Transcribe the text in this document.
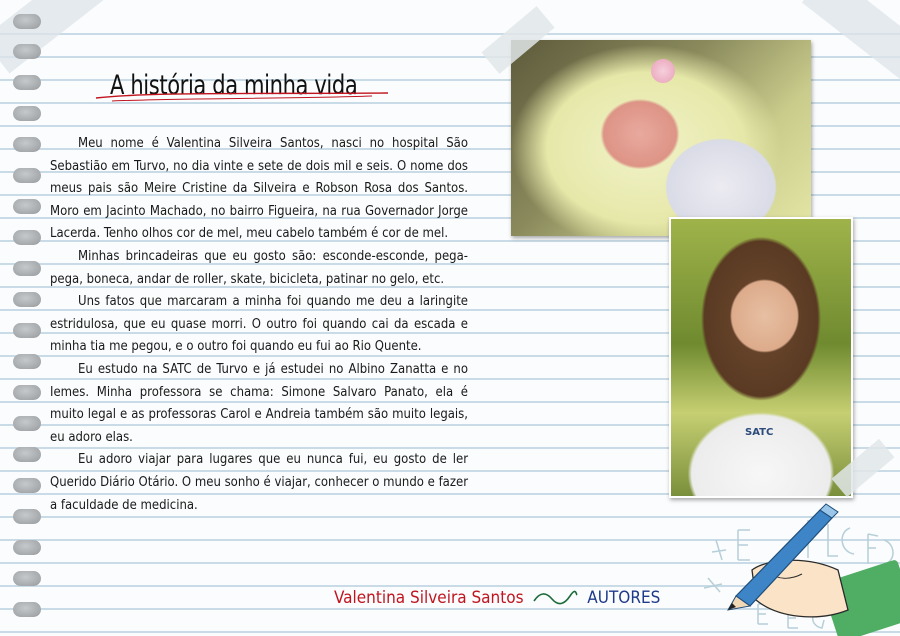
A história da minha vida

Meu nome é Valentina Silveira Santos, nasci no hospital São Sebastião em Turvo, no dia vinte e sete de dois mil e seis. O nome dos meus pais são Meire Cristine da Silveira e Robson Rosa dos Santos. Moro em Jacinto Machado, no bairro Figueira, na rua Governador Jorge Lacerda. Tenho olhos cor de mel, meu cabelo também é cor de mel.

Minhas brincadeiras que eu gosto são: esconde-esconde, pega-pega, boneca, andar de roller, skate, bicicleta, patinar no gelo, etc.

Uns fatos que marcaram a minha foi quando me deu a laringite estridulosa, que eu quase morri. O outro foi quando cai da escada e minha tia me pegou, e o outro foi quando eu fui ao Rio Quente.

Eu estudo na SATC de Turvo e já estudei no Albino Zanatta e no Iemes. Minha professora se chama: Simone Salvaro Panato, ela é muito legal e as professoras Carol e Andreia também são muito legais, eu adoro elas.

Eu adoro viajar para lugares que eu nunca fui, eu gosto de ler Querido Diário Otário. O meu sonho é viajar, conhecer o mundo e fazer a faculdade de medicina.

SATC
Valentina Silveira Santos	AUTORES
